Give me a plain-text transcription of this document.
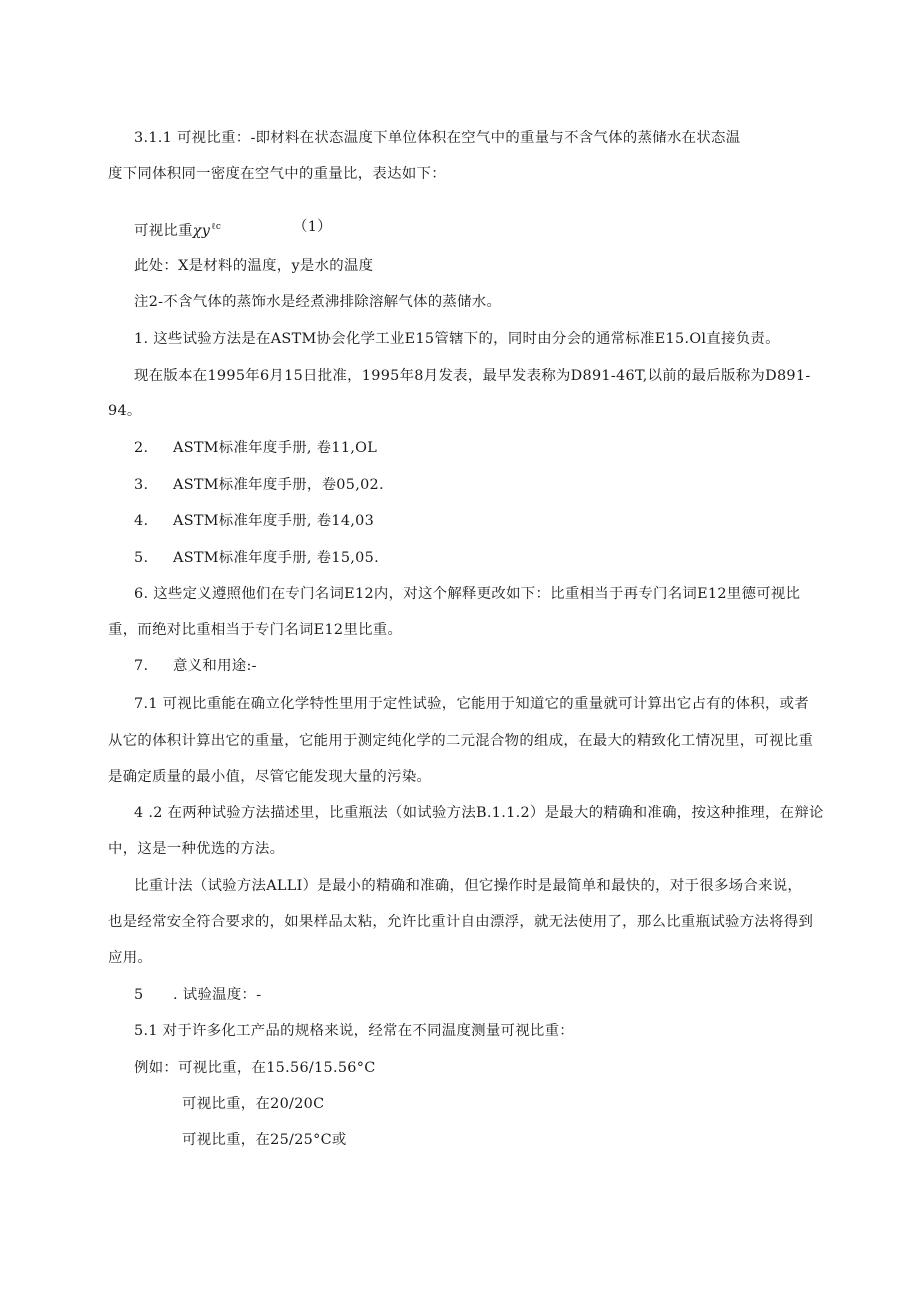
3.1.1 可视比重：-即材料在状态温度下单位体积在空气中的重量与不含气体的蒸储水在状态温
度下同体积同一密度在空气中的重量比，表达如下：
可视比重$\chi y^{\ell c}$	（1）
此处：X是材料的温度，y是水的温度
注2-不含气体的蒸饰水是经煮沸排除溶解气体的蒸储水。
1. 这些试验方法是在ASTM协会化学工业E15管辖下的，同时由分会的通常标准E15.Ol直接负责。
现在版本在1995年6月15日批准，1995年8月发表，最早发表称为D891-46T,以前的最后版称为D891-
94。
2. ASTM标准年度手册, 卷11,OL
3. ASTM标准年度手册，卷05,02.
4. ASTM标准年度手册, 卷14,03
5. ASTM标准年度手册, 卷15,05.
6. 这些定义遵照他们在专门名词E12内，对这个解释更改如下：比重相当于再专门名词E12里德可视比
重，而绝对比重相当于专门名词E12里比重。
7. 意义和用途:-
7.1 可视比重能在确立化学特性里用于定性试验，它能用于知道它的重量就可计算出它占有的体积，或者
从它的体积计算出它的重量，它能用于测定纯化学的二元混合物的组成，在最大的精致化工情况里，可视比重
是确定质量的最小值，尽管它能发现大量的污染。
4 .2 在两种试验方法描述里，比重瓶法（如试验方法B.1.1.2）是最大的精确和准确，按这种推理，在辩论
中，这是一种优选的方法。
比重计法（试验方法ALLI）是最小的精确和准确，但它操作时是最简单和最快的，对于很多场合来说，
也是经常安全符合要求的，如果样品太粘，允许比重计自由漂浮，就无法使用了，那么比重瓶试验方法将得到
应用。
5 . 试验温度：-
5.1 对于许多化工产品的规格来说，经常在不同温度测量可视比重：
例如：可视比重，在15.56/15.56°C
可视比重，在20/20C
可视比重，在25/25°C或
